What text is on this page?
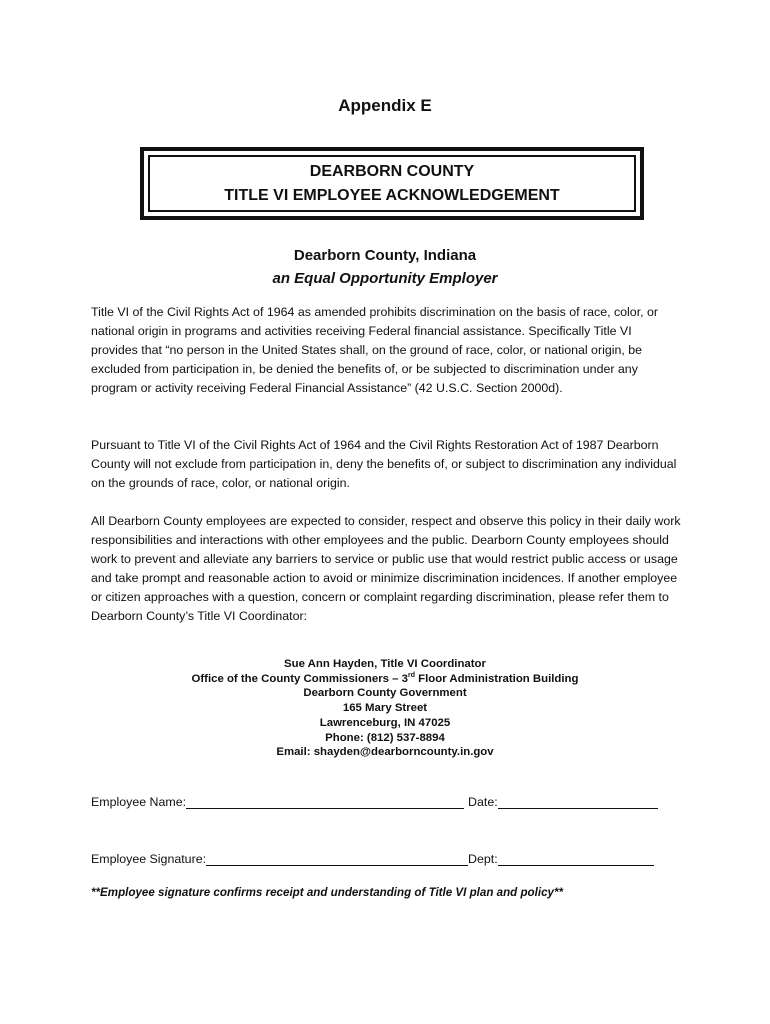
Appendix E
DEARBORN COUNTY
TITLE VI EMPLOYEE ACKNOWLEDGEMENT
Dearborn County, Indiana
an Equal Opportunity Employer

Title VI of the Civil Rights Act of 1964 as amended prohibits discrimination on the basis of race, color, or national origin in programs and activities receiving Federal financial assistance. Specifically Title VI provides that “no person in the United States shall, on the ground of race, color, or national origin, be excluded from participation in, be denied the benefits of, or be subjected to discrimination under any program or activity receiving Federal Financial Assistance” (42 U.S.C. Section 2000d).

Pursuant to Title VI of the Civil Rights Act of 1964 and the Civil Rights Restoration Act of 1987 Dearborn County will not exclude from participation in, deny the benefits of, or subject to discrimination any individual on the grounds of race, color, or national origin.

All Dearborn County employees are expected to consider, respect and observe this policy in their daily work responsibilities and interactions with other employees and the public. Dearborn County employees should work to prevent and alleviate any barriers to service or public use that would restrict public access or usage and take prompt and reasonable action to avoid or minimize discrimination incidences. If another employee or citizen approaches with a question, concern or complaint regarding discrimination, please refer them to Dearborn County’s Title VI Coordinator:

Sue Ann Hayden, Title VI Coordinator
Office of the County Commissioners – 3rd Floor Administration Building
Dearborn County Government
165 Mary Street
Lawrenceburg, IN 47025
Phone: (812) 537-8894
Email: shayden@dearborncounty.in.gov
Employee Name:	Date:
Employee Signature:	Dept:
**Employee signature confirms receipt and understanding of Title VI plan and policy**
